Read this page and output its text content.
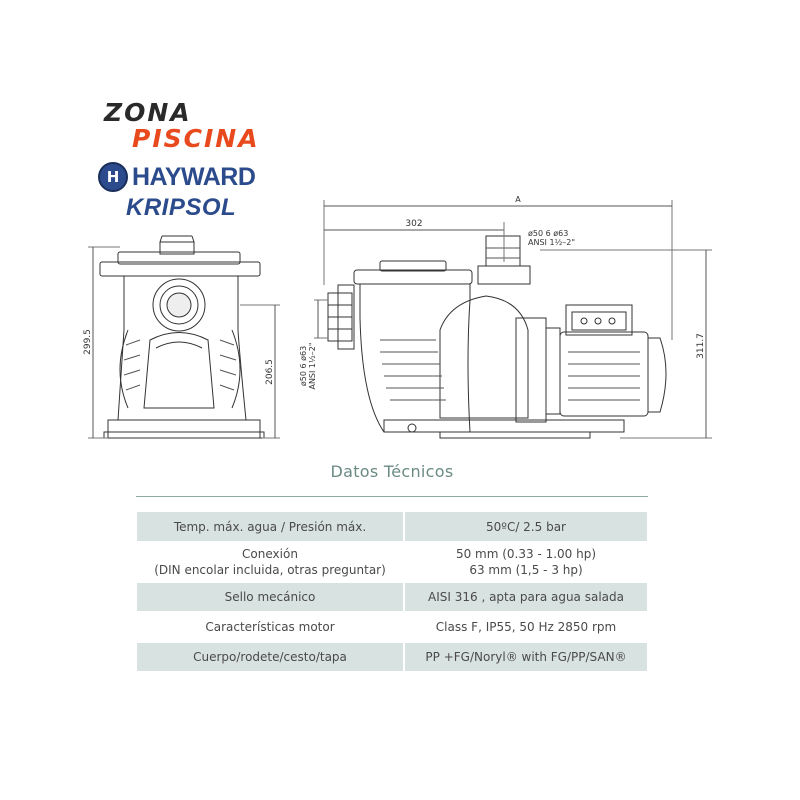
ZONA
PISCINA
H HAYWARD
KRIPSOL
299.5
206.5
A
302
ø50 6 ø63
ANSI 1½–2"
ø50 6 ø63 ANSI 1½–2"	311.7
Datos Técnicos
Temp. máx. agua / Presión máx.	50ºC/ 2.5 bar

Conexión
(DIN encolar incluida, otras preguntar)	50 mm (0.33 - 1.00 hp)
63 mm (1,5 - 3 hp)

Sello mecánico	AISI 316 , apta para agua salada

Características motor	Class F, IP55, 50 Hz 2850 rpm

Cuerpo/rodete/cesto/tapa	PP +FG/Noryl® with FG/PP/SAN®
